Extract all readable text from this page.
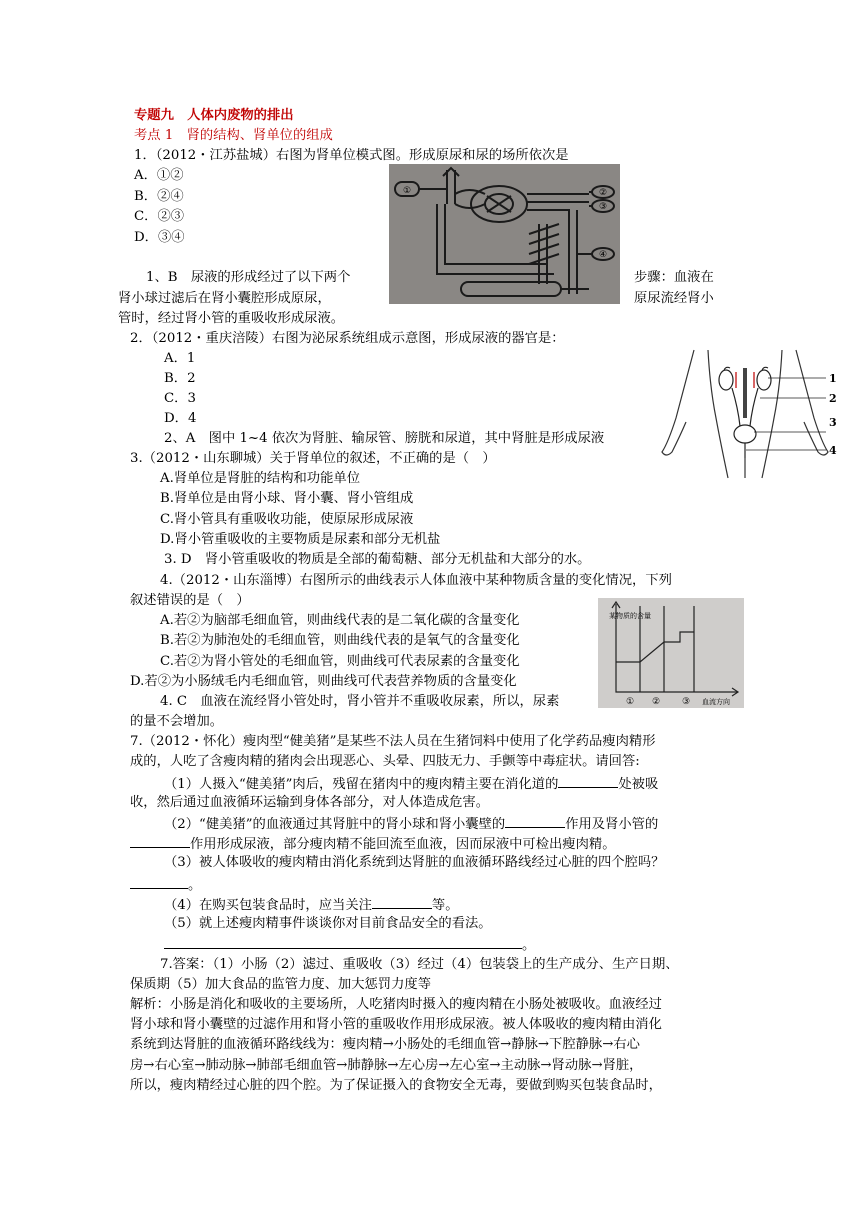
专题九　人体内废物的排出
考点 1　肾的结构、肾单位的组成
1．（2012・江苏盐城）右图为肾单位模式图。形成原尿和尿的场所依次是
A．①②
B．②④
C．②③
D．③④
①	②
③
④
1、B　尿液的形成经过了以下两个	步骤：血液在
肾小球过滤后在肾小囊腔形成原尿，	原尿流经肾小
管时，经过肾小管的重吸收形成尿液。
2．（2012・重庆涪陵）右图为泌尿系统组成示意图，形成尿液的器官是：
A．1
B．2
C．3
D．4
2、A　图中 1~4 依次为肾脏、输尿管、膀胱和尿道，其中肾脏是形成尿液
1
2
3
4
3.（2012・山东聊城）关于肾单位的叙述，不正确的是（　）
A.肾单位是肾脏的结构和功能单位
B.肾单位是由肾小球、肾小囊、肾小管组成
C.肾小管具有重吸收功能，使原尿形成尿液
D.肾小管重吸收的主要物质是尿素和部分无机盐
3. D　肾小管重吸收的物质是全部的葡萄糖、部分无机盐和大部分的水。
4.（2012・山东淄博）右图所示的曲线表示人体血液中某种物质含量的变化情况，下列
叙述错误的是（　）
A.若②为脑部毛细血管，则曲线代表的是二氧化碳的含量变化
B.若②为肺泡处的毛细血管，则曲线代表的是氧气的含量变化
C.若②为肾小管处的毛细血管，则曲线可代表尿素的含量变化
D.若②为小肠绒毛内毛细血管，则曲线可代表营养物质的含量变化
4. C　血液在流经肾小管处时，肾小管并不重吸收尿素，所以，尿素
的量不会增加。
某物质的含量
① ② ③ 血流方向
7.（2012・怀化）瘦肉型“健美猪”是某些不法人员在生猪饲料中使用了化学药品瘦肉精形
成的，人吃了含瘦肉精的猪肉会出现恶心、头晕、四肢无力、手颤等中毒症状。请回答:
（1）人摄入“健美猪”肉后，残留在猪肉中的瘦肉精主要在消化道的	处被吸
收，然后通过血液循环运输到身体各部分，对人体造成危害。
（2）“健美猪”的血液通过其肾脏中的肾小球和肾小囊壁的	作用及肾小管的
作用形成尿液，部分瘦肉精不能回流至血液，因而尿液中可检出瘦肉精。
（3）被人体吸收的瘦肉精由消化系统到达肾脏的血液循环路线经过心脏的四个腔吗？
。
（4）在购买包装食品时，应当关注	等。
（5）就上述瘦肉精事件谈谈你对目前食品安全的看法。
。
7.答案：（1）小肠（2）滤过、重吸收（3）经过（4）包装袋上的生产成分、生产日期、
保质期（5）加大食品的监管力度、加大惩罚力度等
解析：小肠是消化和吸收的主要场所，人吃猪肉时摄入的瘦肉精在小肠处被吸收。血液经过
肾小球和肾小囊壁的过滤作用和肾小管的重吸收作用形成尿液。被人体吸收的瘦肉精由消化
系统到达肾脏的血液循环路线线为：瘦肉精→小肠处的毛细血管→静脉→下腔静脉→右心
房→右心室→肺动脉→肺部毛细血管→肺静脉→左心房→左心室→主动脉→肾动脉→肾脏，
所以，瘦肉精经过心脏的四个腔。为了保证摄入的食物安全无毒，要做到购买包装食品时，
